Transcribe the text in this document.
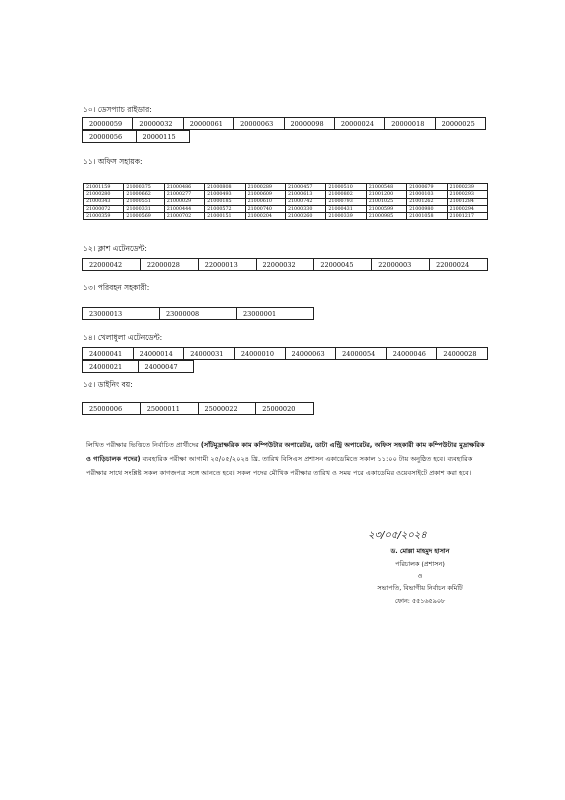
১০। ডেসপ্যাচ রাইডার:
20000059	20000032	20000061	20000063	20000098	20000024	20000018	20000025
20000056	20000115
১১। অফিস সহায়ক:
21001159	21000375	21000486	21000808	21000289	21000457	21000510	21000548	21000679	21000239
21000280	21000662	21000277	21000493	21000609	21000613	21000802	21001200	21000103	21000293
21000343	21000551	21000029	21000185	21000610	21000742	21000793	21001025	21001262	21001284
21000072	21000331	21000444	21000572	21000740	21000330	21000431	21000599	21000980	21000294
21000359	21000569	21000702	21000151	21000204	21000260	21000339	21000985	21001058	21001217
১২। ক্লাশ এটেনডেন্ট:
22000042	22000028	22000013	22000032	22000045	22000003	22000024
১৩। পরিবহন সহকারী:
23000013	23000008	23000001
১৪। খেলাধুলা এটেনডেন্ট:
24000041	24000014	24000031	24000010	24000063	24000054	24000046	24000028
24000021	24000047
১৫। ডাইনিং বয়:
25000006	25000011	25000022	25000020
লিখিত পরীক্ষার ভিত্তিতে নির্বাচিত প্রার্থীদের (সাঁটমুদ্রাক্ষরিক কাম কম্পিউটার অপারেটর, ডাটা এন্ট্রি অপারেটর, অফিস সহকারী কাম কম্পিউটার মুদ্রাক্ষরিক ও গাড়িচালক পদের) ব্যবহারিক পরীক্ষা আগামী ২৫/০৫/২০২৪ খ্রি. তারিখ বিসিএস প্রশাসন একাডেমিতে সকাল ১১:০০ টায় অনুষ্ঠিত হবে। ব্যবহারিক পরীক্ষার সাথে সংশ্লিষ্ট সকল কাগজপত্র সঙ্গে আনতে হবে। সকল পদের মৌখিক পরীক্ষার তারিখ ও সময় পরে একাডেমির ওয়েবসাইটে প্রকাশ করা হবে।
২৩/০৫/২০২৪
ড. মোল্লা মাহমুদ হাসান
পরিচালক (প্রশাসন)
ও
সভাপতি, বিভাগীয় নির্বাচন কমিটি
ফোন: ৫৫১৬৫৯০৮
